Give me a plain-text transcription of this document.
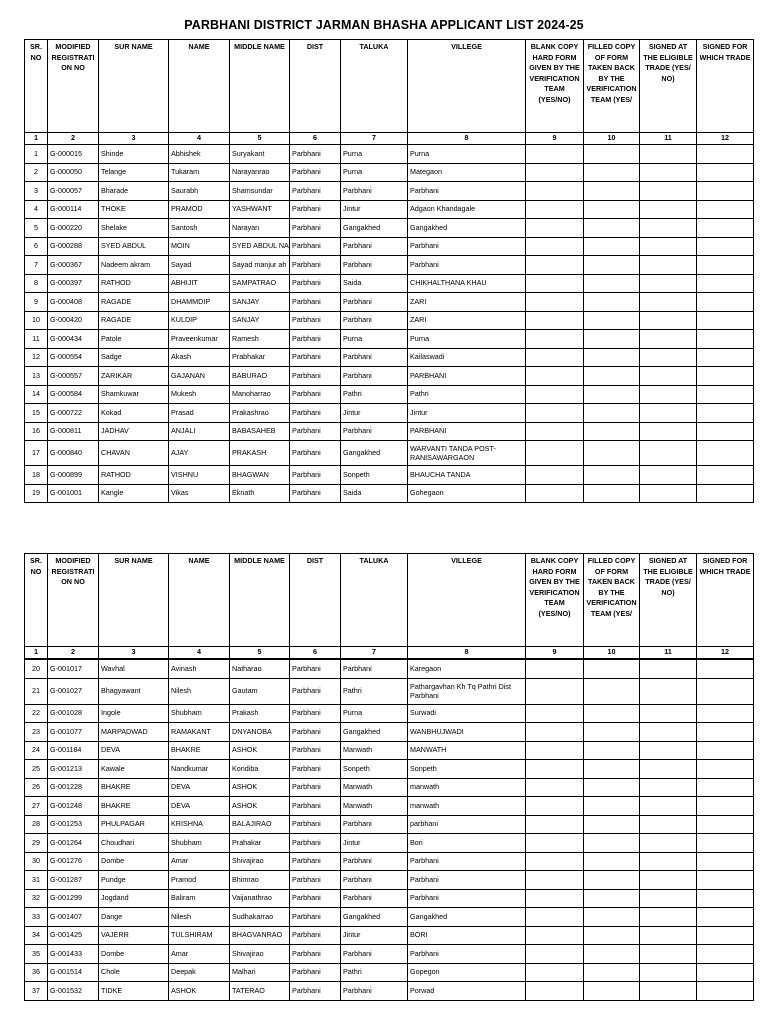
PARBHANI DISTRICT JARMAN BHASHA APPLICANT LIST 2024-25
SR. NO	MODIFIED REGISTRATI ON NO	SUR NAME	NAME	MIDDLE NAME	DIST	TALUKA	VILLEGE	BLANK COPY HARD FORM GIVEN BY THE VERIFICATION TEAM (YES/NO)	FILLED COPY OF FORM TAKEN BACK BY THE VERIFICATION TEAM (YES/	SIGNED AT THE ELIGIBLE TRADE (YES/ NO)	SIGNED FOR WHICH TRADE
1	2	3	4	5	6	7	8	9	10	11	12
1	G-000015	Shinde	Abhishek	Suryakant	Parbhani	Purna	Purna				
2	G-000050	Telange	Tukaram	Narayanrao	Parbhani	Purna	Mategaon				
3	G-000057	Bharade	Saurabh	Shamsundar	Parbhani	Parbhani	Parbhani				
4	G-000114	THOKE	PRAMOD	YASHWANT	Parbhani	Jintur	Adgaon Khandagale				
5	G-000220	Shelake	Santosh	Narayan	Parbhani	Gangakhed	Gangakhed				
6	G-000288	SYED ABDUL	MOIN	SYED ABDUL NA	Parbhani	Parbhani	Parbhani				
7	G-000367	Nadeem akram	Sayad	Sayad manjur ah	Parbhani	Parbhani	Parbhani				
8	G-000397	RATHOD	ABHIJIT	SAMPATRAO	Parbhani	Saida	CHIKHALTHANA KHAU				
9	G-000408	RAGADE	DHAMMDIP	SANJAY	Parbhani	Parbhani	ZARI				
10	G-000420	RAGADE	KULDIP	SANJAY	Parbhani	Parbhani	ZARI				
11	G-000434	Patole	Praveenkumar	Ramesh	Parbhani	Purna	Purna				
12	G-000554	Sadge	Akash	Prabhakar	Parbhani	Parbhani	Kailaswadi				
13	G-000557	ZARIKAR	GAJANAN	BABURAO	Parbhani	Parbhani	PARBHANI				
14	G-000584	Shamkuwar	Mukesh	Manoharrao	Parbhani	Pathri	Pathri				
15	G-000722	Kokad	Prasad	Prakashrao	Parbhani	Jintur	Jintur				
16	G-000811	JADHAV	ANJALI	BABASAHEB	Parbhani	Parbhani	PARBHANI				
17	G-000840	CHAVAN	AJAY	PRAKASH	Parbhani	Gangakhed	WARVANTI TANDA POST-RANISAWARGAON				
18	G-000899	RATHOD	VISHNU	BHAGWAN	Parbhani	Sonpeth	BHAUCHA TANDA				
19	G-001001	Kangle	Vikas	Eknath	Parbhani	Saida	Gohegaon				
SR. NO	MODIFIED REGISTRATI ON NO	SUR NAME	NAME	MIDDLE NAME	DIST	TALUKA	VILLEGE	BLANK COPY HARD FORM GIVEN BY THE VERIFICATION TEAM (YES/NO)	FILLED COPY OF FORM TAKEN BACK BY THE VERIFICATION TEAM (YES/	SIGNED AT THE ELIGIBLE TRADE (YES/ NO)	SIGNED FOR WHICH TRADE
1	2	3	4	5	6	7	8	9	10	11	12
20	G-001017	Wavhal	Avinash	Natharao	Parbhani	Parbhani	Karegaon				
21	G-001027	Bhagyawant	Nilesh	Gautam	Parbhani	Pathri	Pathargavhan Kh Tq Pathri Dist Parbhani				
22	G-001028	Ingole	Shubham	Prakash	Parbhani	Purna	Surwadi				
23	G-001077	MARPADWAD	RAMAKANT	DNYANOBA	Parbhani	Gangakhed	WANBHUJWADI				
24	G-001184	DEVA	BHAKRE	ASHOK	Parbhani	Manwath	MANWATH				
25	G-001213	Kawale	Nandkumar	Kondiba	Parbhani	Sonpeth	Sonpeth				
26	G-001228	BHAKRE	DEVA	ASHOK	Parbhani	Manwath	manwath				
27	G-001248	BHAKRE	DEVA	ASHOK	Parbhani	Manwath	manwath				
28	G-001253	PHULPAGAR	KRISHNA	BALAJIRAO	Parbhani	Parbhani	parbhani				
29	G-001264	Choudhari	Shubham	Prahakar	Parbhani	Jintur	Bori				
30	G-001276	Dombe	Amar	Shivajirao	Parbhani	Parbhani	Parbhani				
31	G-001287	Pundge	Pramod	Bhimrao	Parbhani	Parbhani	Parbhani				
32	G-001299	Jogdand	Baliram	Vaijanathrao	Parbhani	Parbhani	Parbhani				
33	G-001407	Dange	Nilesh	Sudhakarrao	Parbhani	Gangakhed	Gangakhed				
34	G-001425	VAJERR	TULSHIRAM	BHAGVANRAO	Parbhani	Jintur	BORI				
35	G-001433	Dombe	Amar	Shivajirao	Parbhani	Parbhani	Parbhani				
36	G-001514	Chole	Deepak	Malhari	Parbhani	Pathri	Gopegon				
37	G-001532	TIDKE	ASHOK	TATERAO	Parbhani	Parbhani	Porwad				
